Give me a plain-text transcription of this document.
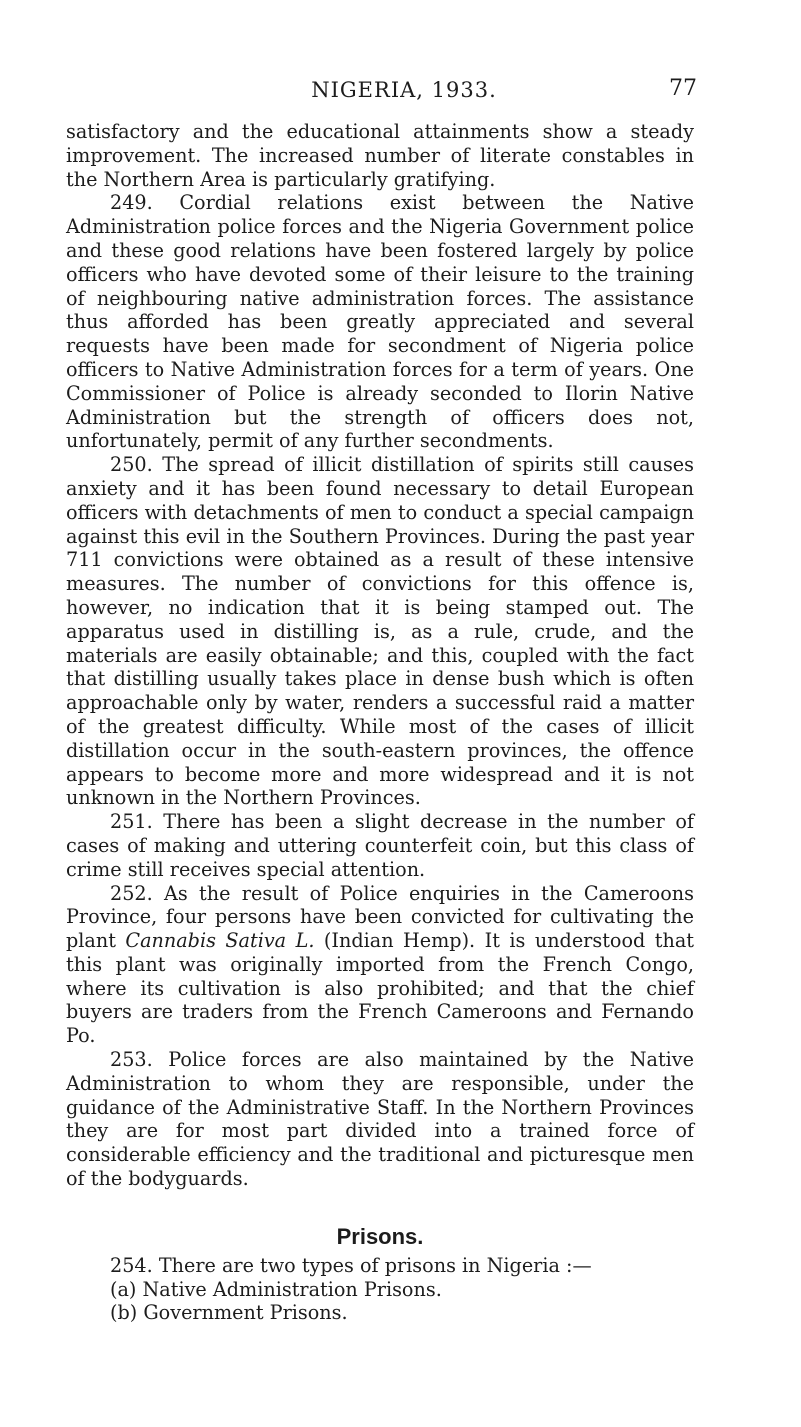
NIGERIA, 1933.	77

satisfactory and the educational attainments show a steady improvement. The increased number of literate constables in the Northern Area is particularly gratifying.

249. Cordial relations exist between the Native Administration police forces and the Nigeria Government police and these good relations have been fostered largely by police officers who have devoted some of their leisure to the training of neighbouring native administration forces. The assistance thus afforded has been greatly appreciated and several requests have been made for secondment of Nigeria police officers to Native Administration forces for a term of years. One Commissioner of Police is already seconded to Ilorin Native Administration but the strength of officers does not, unfortunately, permit of any further secondments.

250. The spread of illicit distillation of spirits still causes anxiety and it has been found necessary to detail European officers with detachments of men to conduct a special campaign against this evil in the Southern Provinces. During the past year 711 convictions were obtained as a result of these intensive measures. The number of convictions for this offence is, however, no indication that it is being stamped out. The apparatus used in distilling is, as a rule, crude, and the materials are easily obtainable; and this, coupled with the fact that distilling usually takes place in dense bush which is often approachable only by water, renders a successful raid a matter of the greatest difficulty. While most of the cases of illicit distillation occur in the south-eastern provinces, the offence appears to become more and more widespread and it is not unknown in the Northern Provinces.

251. There has been a slight decrease in the number of cases of making and uttering counterfeit coin, but this class of crime still receives special attention.

252. As the result of Police enquiries in the Cameroons Province, four persons have been convicted for cultivating the plant Cannabis Sativa L. (Indian Hemp). It is understood that this plant was originally imported from the French Congo, where its cultivation is also prohibited; and that the chief buyers are traders from the French Cameroons and Fernando Po.

253. Police forces are also maintained by the Native Administration to whom they are responsible, under the guidance of the Administrative Staff. In the Northern Provinces they are for most part divided into a trained force of considerable efficiency and the traditional and picturesque men of the bodyguards.

Prisons.

254. There are two types of prisons in Nigeria :—

(a) Native Administration Prisons.
(b) Government Prisons.
